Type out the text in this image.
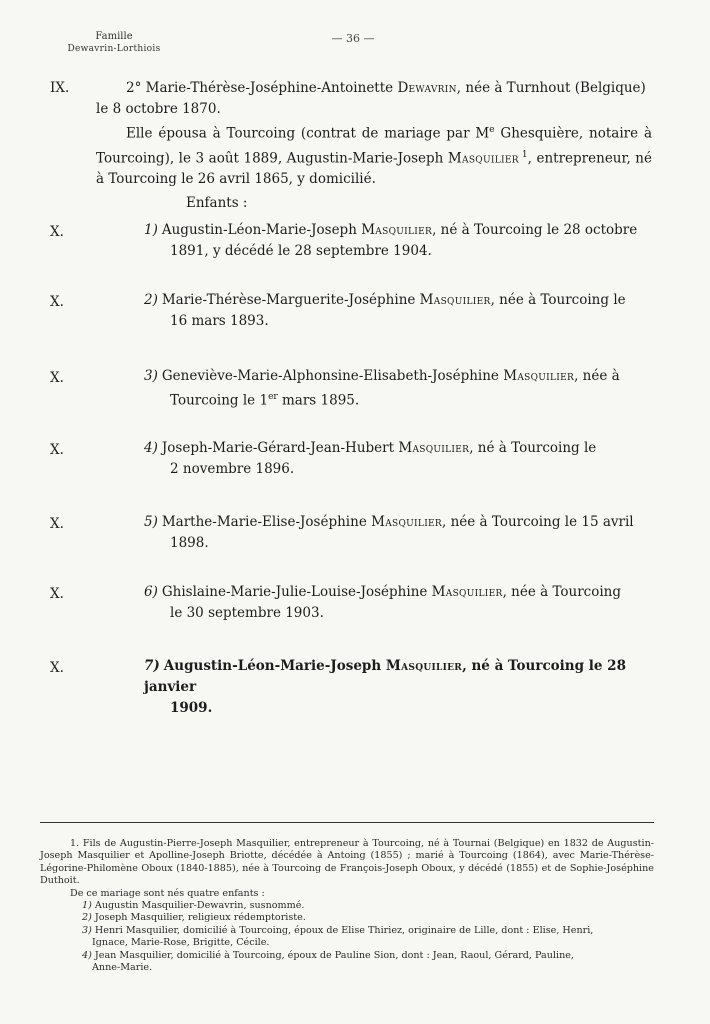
Famille
Dewavrin-Lorthiois
— 36 —
IX.	2° Marie-Thérèse-Joséphine-Antoinette Dewavrin, née à Turnhout (Belgique)

le 8 octobre 1870.

Elle épousa à Tourcoing (contrat de mariage par Me Ghesquière, notaire à Tourcoing), le 3 août 1889, Augustin-Marie-Joseph Masquilier $^1$, entrepreneur, né à Tourcoing le 26 avril 1865, y domicilié.

Enfants :
X.	1) Augustin-Léon-Marie-Joseph Masquilier, né à Tourcoing le 28 octobre
1891, y décédé le 28 septembre 1904.
X.	2) Marie-Thérèse-Marguerite-Joséphine Masquilier, née à Tourcoing le
16 mars 1893.
X.	3) Geneviève-Marie-Alphonsine-Elisabeth-Joséphine Masquilier, née à
Tourcoing le 1er mars 1895.
X.	4) Joseph-Marie-Gérard-Jean-Hubert Masquilier, né à Tourcoing le
2 novembre 1896.
X.	5) Marthe-Marie-Elise-Joséphine Masquilier, née à Tourcoing le 15 avril
1898.
X.	6) Ghislaine-Marie-Julie-Louise-Joséphine Masquilier, née à Tourcoing
le 30 septembre 1903.
X.	7) Augustin-Léon-Marie-Joseph Masquilier, né à Tourcoing le 28 janvier
1909.

1. Fils de Augustin-Pierre-Joseph Masquilier, entrepreneur à Tourcoing, né à Tournai (Belgique) en 1832 de Augustin-Joseph Masquilier et Apolline-Joseph Briotte, décédée à Antoing (1855) ; marié à Tourcoing (1864), avec Marie-Thérèse-Légorine-Philomène Oboux (1840-1885), née à Tourcoing de François-Joseph Oboux, y décédé (1855) et de Sophie-Joséphine Duthoit.

De ce mariage sont nés quatre enfants :

1) Augustin Masquilier-Dewavrin, susnommé.

2) Joseph Masquilier, religieux rédemptoriste.

3) Henri Masquilier, domicilié à Tourcoing, époux de Elise Thiriez, originaire de Lille, dont : Elise, Henri,

Ignace, Marie-Rose, Brigitte, Cécile.

4) Jean Masquilier, domicilié à Tourcoing, époux de Pauline Sion, dont : Jean, Raoul, Gérard, Pauline,

Anne-Marie.
